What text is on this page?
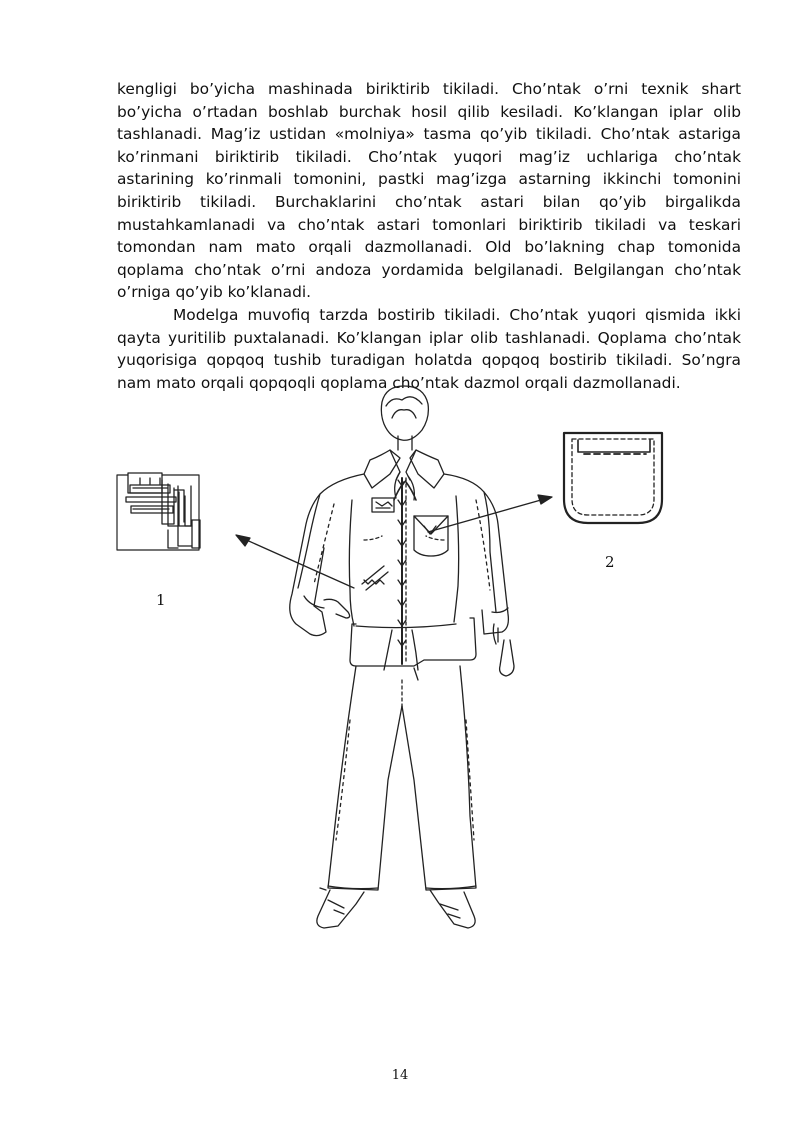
kengligi bo’yicha mashinada biriktirib tikiladi. Cho’ntak o’rni texnik shart bo’yicha o’rtadan boshlab burchak hosil qilib kesiladi. Ko’klangan iplar olib tashlanadi. Mag’iz ustidan «molniya» tasma qo’yib tikiladi. Cho’ntak astariga ko’rinmani biriktirib tikiladi. Cho’ntak yuqori mag’iz uchlariga cho’ntak astarining ko’rinmali tomonini, pastki mag’izga astarning ikkinchi tomonini biriktirib tikiladi. Burchaklarini cho’ntak astari bilan qo’yib birgalikda mustahkamlanadi va cho’ntak astari tomonlari biriktirib tikiladi va teskari tomondan nam mato orqali dazmollanadi. Old bo’lakning chap tomonida qoplama cho’ntak o’rni andoza yordamida belgilanadi. Belgilangan cho’ntak o’rniga qo’yib ko’klanadi.

Modelga muvofiq tarzda bostirib tikiladi. Cho’ntak yuqori qismida ikki qayta yuritilib puxtalanadi. Ko’klangan iplar olib tashlanadi. Qoplama cho’ntak yuqorisiga qopqoq tushib turadigan holatda qopqoq bostirib tikiladi. So’ngra nam mato orqali qopqoqli qoplama cho’ntak dazmol orqali dazmollanadi.

1
2
14
